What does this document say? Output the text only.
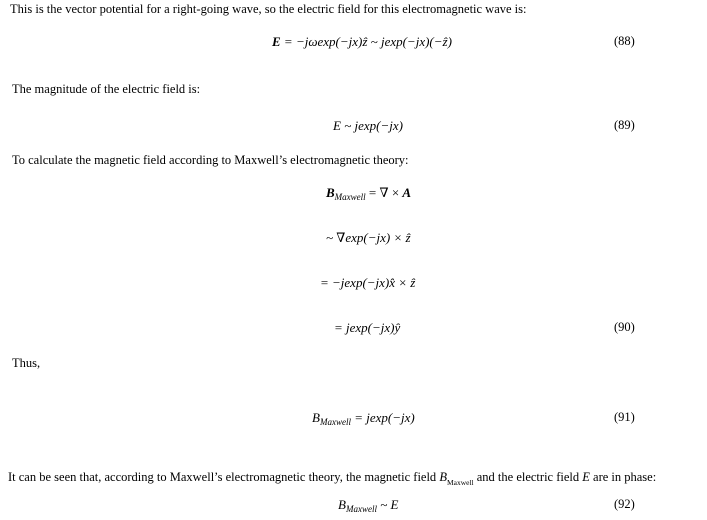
This is the vector potential for a right-going wave, so the electric field for this electromagnetic wave is:
E = −jωexp(−jx)ẑ ~ jexp(−jx)(−ẑ)	(88)
The magnitude of the electric field is:
E ~ jexp(−jx)	(89)
To calculate the magnetic field according to Maxwell’s electromagnetic theory:
$B_{Maxwell}$ = ∇ × A
~ ∇exp(−jx) × ẑ
= −jexp(−jx)x̂ × ẑ
= jexp(−jx)ŷ	(90)
Thus,
$B_{Maxwell} = jexp(-jx)$	(91)
It can be seen that, according to Maxwell’s electromagnetic theory, the magnetic field $B_{Maxwell}$ and the electric field E are in phase:
$B_{Maxwell}$ ~ E	(92)
